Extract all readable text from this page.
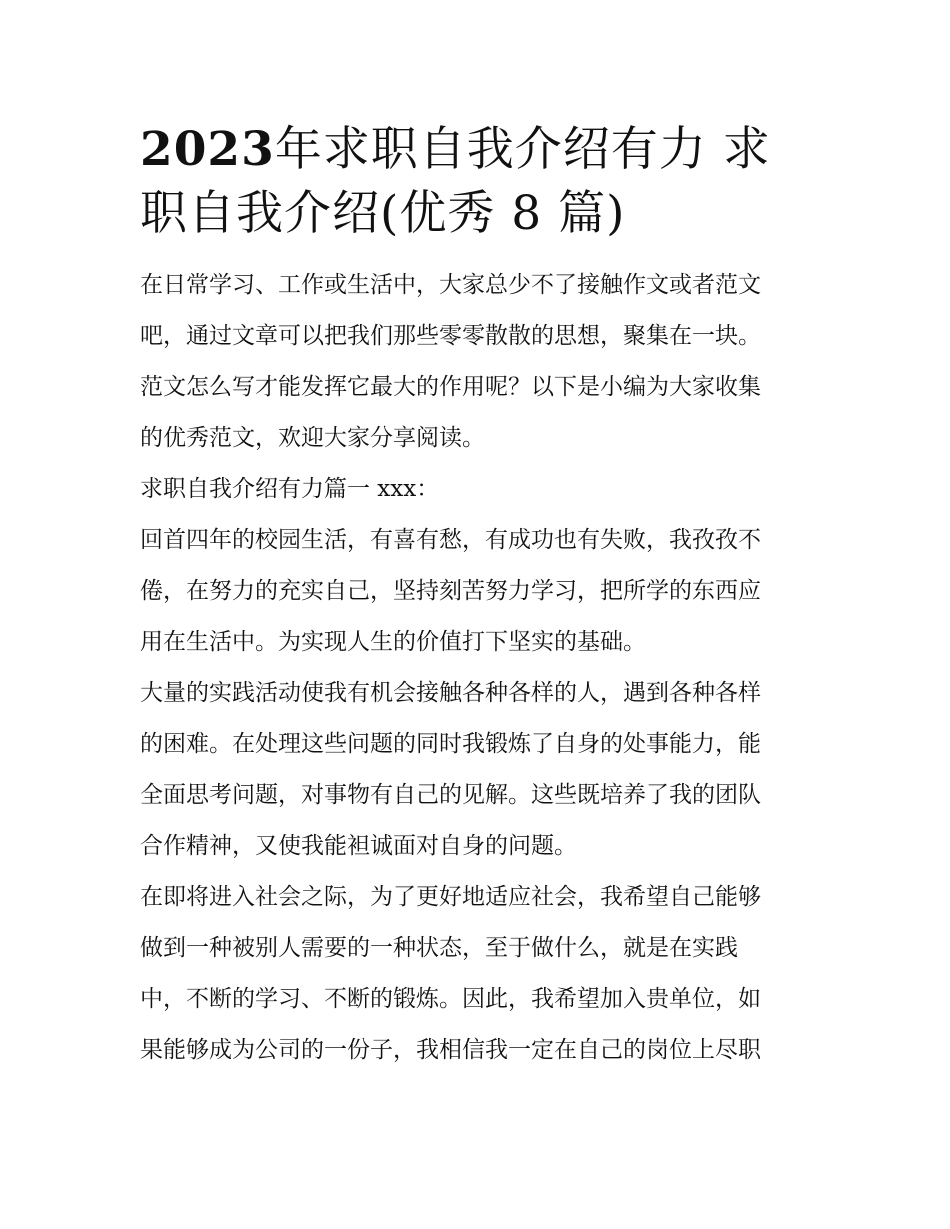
2023年求职自我介绍有力 求
职自我介绍(优秀 8 篇)

在日常学习、工作或生活中，大家总少不了接触作文或者范文
吧，通过文章可以把我们那些零零散散的思想，聚集在一块。
范文怎么写才能发挥它最大的作用呢？以下是小编为大家收集
的优秀范文，欢迎大家分享阅读。

求职自我介绍有力篇一 xxx：

回首四年的校园生活，有喜有愁，有成功也有失败，我孜孜不
倦，在努力的充实自己，坚持刻苦努力学习，把所学的东西应
用在生活中。为实现人生的价值打下坚实的基础。

大量的实践活动使我有机会接触各种各样的人，遇到各种各样
的困难。在处理这些问题的同时我锻炼了自身的处事能力，能
全面思考问题，对事物有自己的见解。这些既培养了我的团队
合作精神，又使我能袒诚面对自身的问题。

在即将进入社会之际，为了更好地适应社会，我希望自己能够
做到一种被别人需要的一种状态，至于做什么，就是在实践
中，不断的学习、不断的锻炼。因此，我希望加入贵单位，如
果能够成为公司的一份子，我相信我一定在自己的岗位上尽职
